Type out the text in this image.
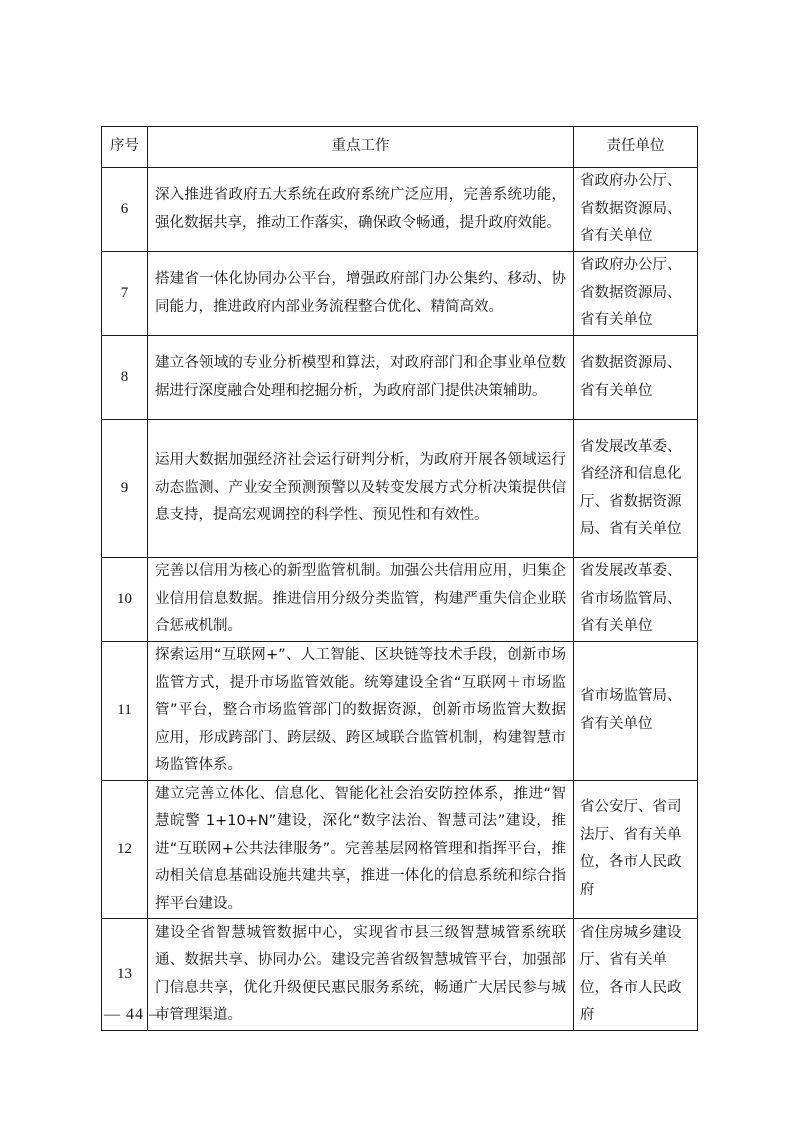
序号	重点工作	责任单位
6	深入推进省政府五大系统在政府系统广泛应用，完善系统功能，强化数据共享，推动工作落实，确保政令畅通，提升政府效能。	省政府办公厅、省数据资源局、省有关单位
7	搭建省一体化协同办公平台，增强政府部门办公集约、移动、协同能力，推进政府内部业务流程整合优化、精简高效。	省政府办公厅、省数据资源局、省有关单位
8	建立各领域的专业分析模型和算法，对政府部门和企事业单位数据进行深度融合处理和挖掘分析，为政府部门提供决策辅助。	省数据资源局、省有关单位
9	运用大数据加强经济社会运行研判分析，为政府开展各领域运行动态监测、产业安全预测预警以及转变发展方式分析决策提供信息支持，提高宏观调控的科学性、预见性和有效性。	省发展改革委、省经济和信息化厅、省数据资源局、省有关单位
10	完善以信用为核心的新型监管机制。加强公共信用应用，归集企业信用信息数据。推进信用分级分类监管，构建严重失信企业联合惩戒机制。	省发展改革委、省市场监管局、省有关单位
11	探索运用“互联网+”、人工智能、区块链等技术手段，创新市场监管方式，提升市场监管效能。统筹建设全省“互联网＋市场监管”平台，整合市场监管部门的数据资源，创新市场监管大数据应用，形成跨部门、跨层级、跨区域联合监管机制，构建智慧市场监管体系。	省市场监管局、省有关单位
12	建立完善立体化、信息化、智能化社会治安防控体系，推进“智慧皖警 1+10+N”建设，深化“数字法治、智慧司法”建设，推进“互联网+公共法律服务”。完善基层网格管理和指挥平台，推动相关信息基础设施共建共享，推进一体化的信息系统和综合指挥平台建设。	省公安厅、省司法厅、省有关单位，各市人民政府
13	建设全省智慧城管数据中心，实现省市县三级智慧城管系统联通、数据共享、协同办公。建设完善省级智慧城管平台，加强部门信息共享，优化升级便民惠民服务系统，畅通广大居民参与城市管理渠道。	省住房城乡建设厅、省有关单位，各市人民政府
— 44 —
